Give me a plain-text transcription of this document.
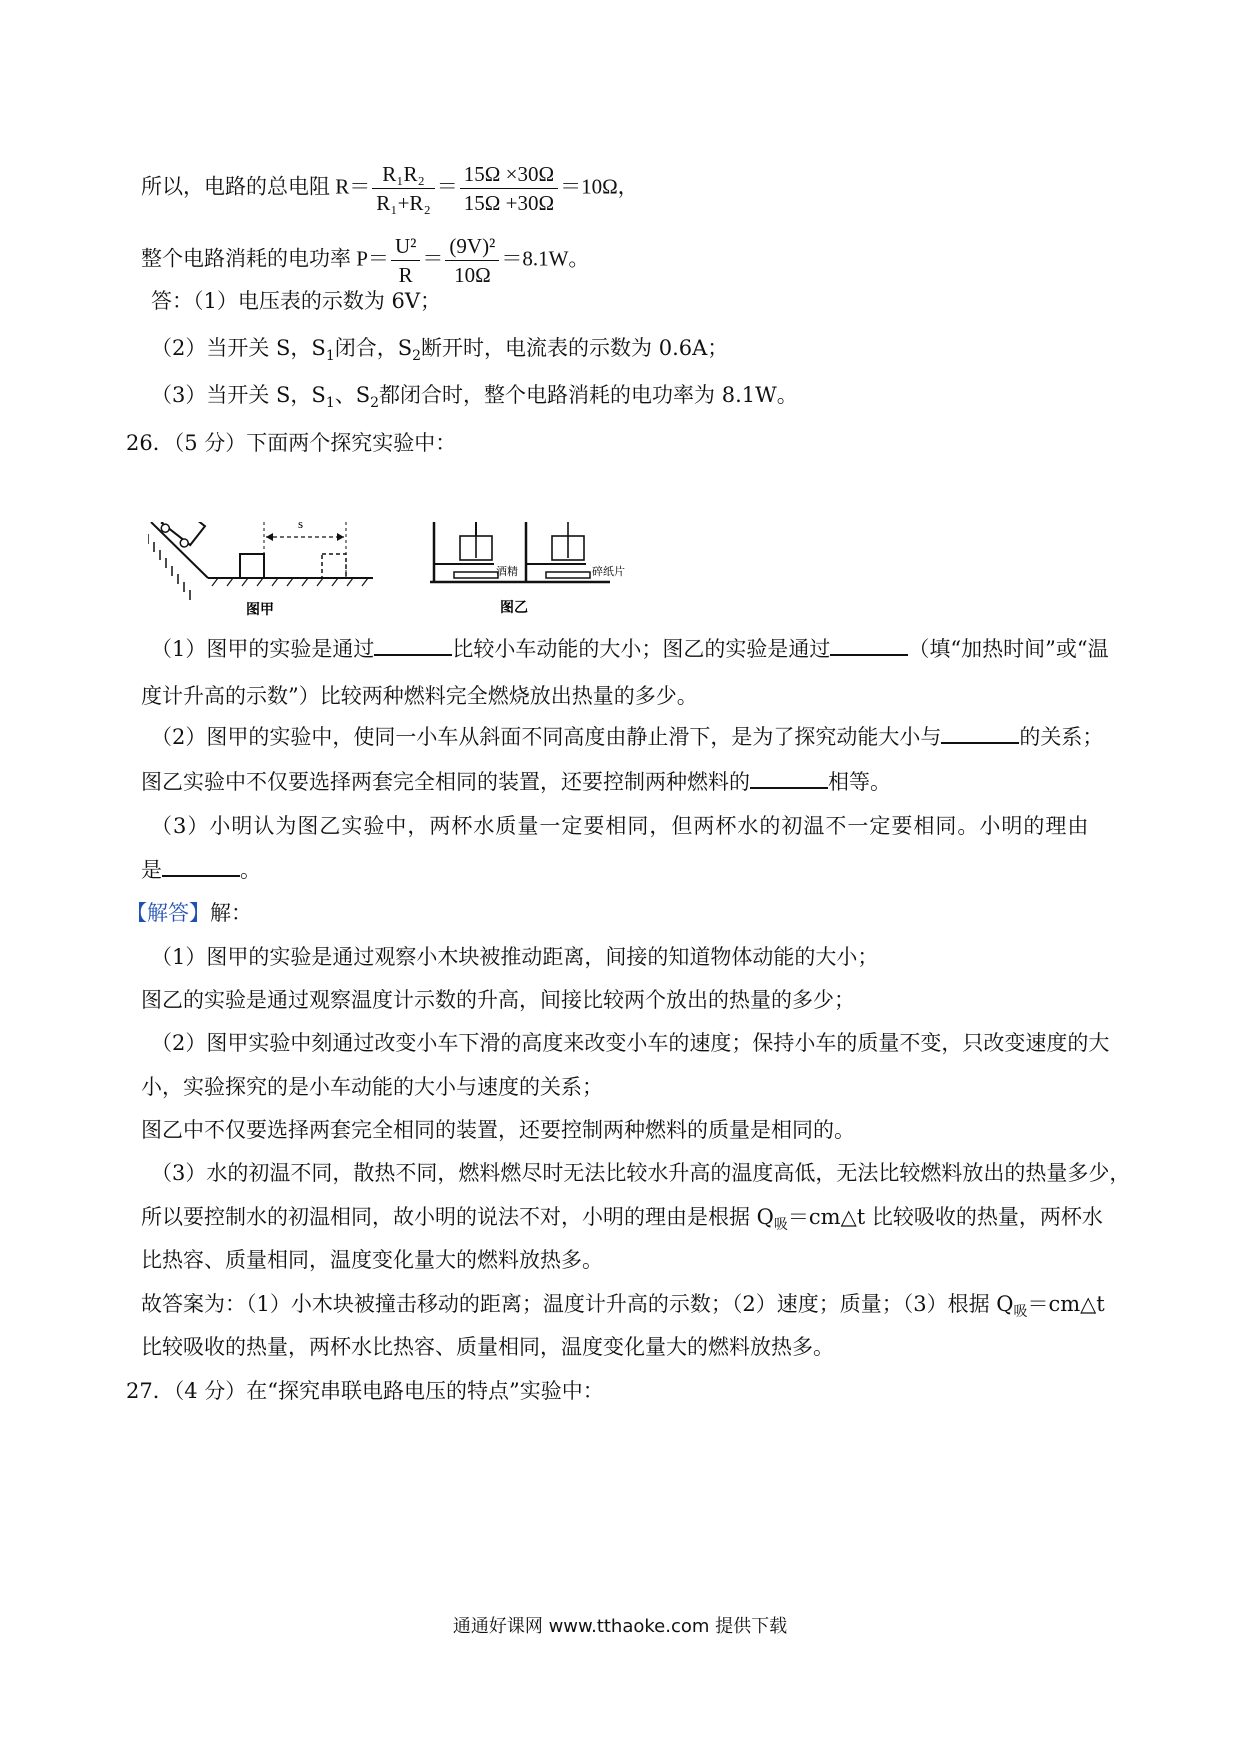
所以，电路的总电阻 $R= \frac{\text{R₁R₂}}{\text{R₁+R₂}} = \frac{15\Omega \times 30\Omega}{15\Omega +30\Omega} =10\Omega$，
整个电路消耗的电功率 $P= \frac{\text{U²}}{R} = \frac{\text{(9V)²}}{10\Omega} =8.1W$。
答：（1）电压表的示数为 6V；
（2）当开关 S，$S_1$闭合，$S_2$断开时，电流表的示数为 0.6A；
（3）当开关 S，$S_1$、$S_2$都闭合时，整个电路消耗的电功率为 8.1W。
26．（5 分）下面两个探究实验中：
s
图甲
酒精	碎纸片
图乙
（1）图甲的实验是通过	比较小车动能的大小；图乙的实验是通过	（填“加热时间”或“温
度计升高的示数”）比较两种燃料完全燃烧放出热量的多少。
（2）图甲的实验中，使同一小车从斜面不同高度由静止滑下，是为了探究动能大小与	的关系；
图乙实验中不仅要选择两套完全相同的装置，还要控制两种燃料的	相等。
（3）小明认为图乙实验中，两杯水质量一定要相同，但两杯水的初温不一定要相同。小明的理由
是	。
【解答】解：
（1）图甲的实验是通过观察小木块被推动距离，间接的知道物体动能的大小；
图乙的实验是通过观察温度计示数的升高，间接比较两个放出的热量的多少；
（2）图甲实验中刻通过改变小车下滑的高度来改变小车的速度；保持小车的质量不变，只改变速度的大
小，实验探究的是小车动能的大小与速度的关系；
图乙中不仅要选择两套完全相同的装置，还要控制两种燃料的质量是相同的。
（3）水的初温不同，散热不同，燃料燃尽时无法比较水升高的温度高低，无法比较燃料放出的热量多少，
所以要控制水的初温相同，故小明的说法不对，小明的理由是根据 $Q_吸=cm\triangle t$ 比较吸收的热量，两杯水
比热容、质量相同，温度变化量大的燃料放热多。
故答案为：（1）小木块被撞击移动的距离；温度计升高的示数；（2）速度；质量；（3）根据 $Q_吸=cm\triangle t$
比较吸收的热量，两杯水比热容、质量相同，温度变化量大的燃料放热多。
27．（4 分）在“探究串联电路电压的特点”实验中：
通通好课网 www.tthaoke.com 提供下载
